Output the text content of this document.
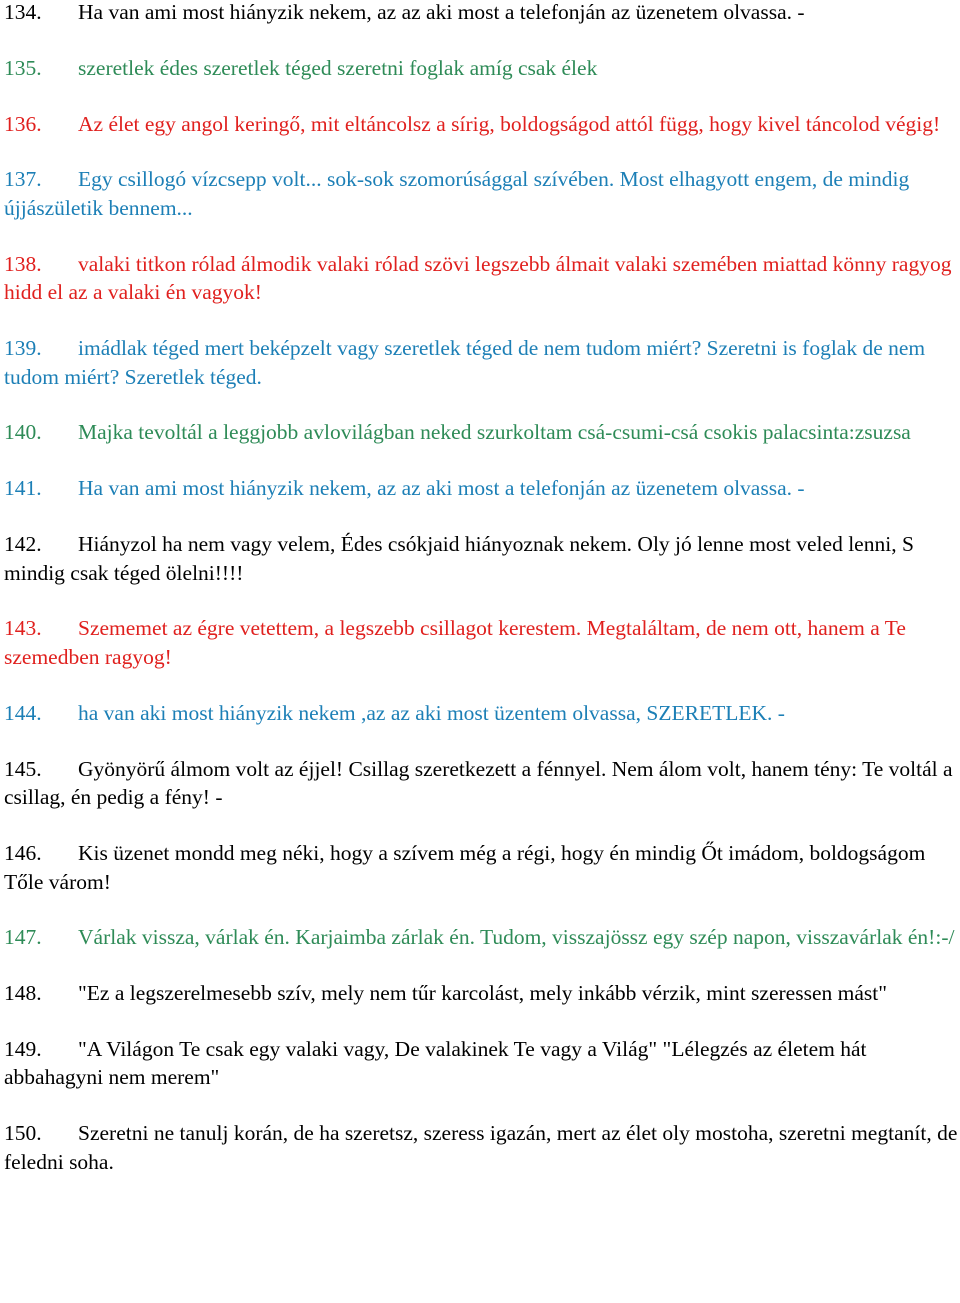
134. Ha van ami most hiányzik nekem, az az aki most a telefonján az üzenetem olvassa. -
135. szeretlek édes szeretlek téged szeretni foglak amíg csak élek
136. Az élet egy angol keringő, mit eltáncolsz a sírig, boldogságod attól függ, hogy kivel táncolod végig!
137. Egy csillogó vízcsepp volt... sok-sok szomorúsággal szívében. Most elhagyott engem, de mindig újjászületik bennem...
138. valaki titkon rólad álmodik valaki rólad szövi legszebb álmait valaki szemében miattad könny ragyog hidd el az a valaki én vagyok!
139. imádlak téged mert beképzelt vagy szeretlek téged de nem tudom miért? Szeretni is foglak de nem tudom miért? Szeretlek téged.
140. Majka tevoltál a leggjobb avlovilágban neked szurkoltam csá-csumi-csá csokis palacsinta:zsuzsa
141. Ha van ami most hiányzik nekem, az az aki most a telefonján az üzenetem olvassa. -
142. Hiányzol ha nem vagy velem, Édes csókjaid hiányoznak nekem. Oly jó lenne most veled lenni, S mindig csak téged ölelni!!!!
143. Szememet az égre vetettem, a legszebb csillagot kerestem. Megtaláltam, de nem ott, hanem a Te szemedben ragyog!
144. ha van aki most hiányzik nekem ,az az aki most üzentem olvassa, SZERETLEK. -
145. Gyönyörű álmom volt az éjjel! Csillag szeretkezett a fénnyel. Nem álom volt, hanem tény: Te voltál a csillag, én pedig a fény! -
146. Kis üzenet mondd meg néki, hogy a szívem még a régi, hogy én mindig Őt imádom, boldogságom Tőle várom!
147. Várlak vissza, várlak én. Karjaimba zárlak én. Tudom, visszajössz egy szép napon, visszavárlak én!:-/
148. "Ez a legszerelmesebb szív, mely nem tűr karcolást, mely inkább vérzik, mint szeressen mást"
149. "A Világon Te csak egy valaki vagy, De valakinek Te vagy a Világ" "Lélegzés az életem hát abbahagyni nem merem"
150. Szeretni ne tanulj korán, de ha szeretsz, szeress igazán, mert az élet oly mostoha, szeretni megtanít, de feledni soha.
